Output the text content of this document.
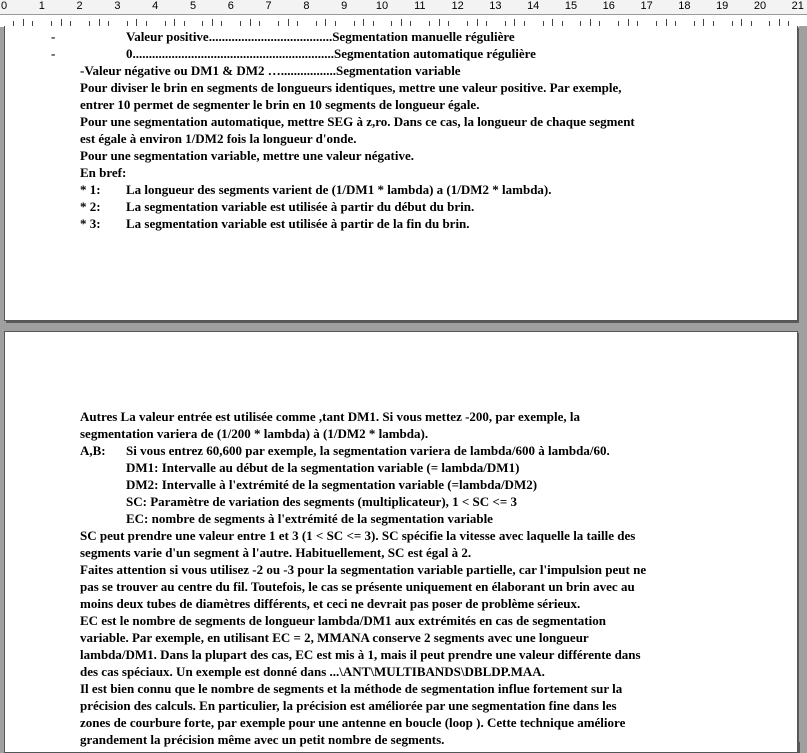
0	1	2	3	4	5	6	7	8	9	10 11 12 13 14 15 16 17 18 19 20 21
-	Valeur positive......................................Segmentation manuelle régulière
-	0..............................................................Segmentation automatique régulière
-Valeur négative ou DM1 & DM2 ….................Segmentation variable
Pour diviser le brin en segments de longueurs identiques, mettre une valeur positive. Par exemple,
entrer 10 permet de segmenter le brin en 10 segments de longueur égale.
Pour une segmentation automatique, mettre SEG à z,ro. Dans ce cas, la longueur de chaque segment
est égale à environ 1/DM2 fois la longueur d'onde.
Pour une segmentation variable, mettre une valeur négative.
En bref:
* 1: La longueur des segments varient de (1/DM1 * lambda) a (1/DM2 * lambda).
* 2: La segmentation variable est utilisée à partir du début du brin.
* 3: La segmentation variable est utilisée à partir de la fin du brin.
Autres La valeur entrée est utilisée comme ,tant DM1. Si vous mettez -200, par exemple, la
segmentation variera de (1/200 * lambda) à (1/DM2 * lambda).
A,B: Si vous entrez 60,600 par exemple, la segmentation variera de lambda/600 à lambda/60.
DM1: Intervalle au début de la segmentation variable (= lambda/DM1)
DM2: Intervalle à l'extrémité de la segmentation variable (=lambda/DM2)
SC: Paramètre de variation des segments (multiplicateur), 1 < SC <= 3
EC: nombre de segments à l'extrémité de la segmentation variable
SC peut prendre une valeur entre 1 et 3 (1 < SC <= 3). SC spécifie la vitesse avec laquelle la taille des
segments varie d'un segment à l'autre. Habituellement, SC est égal à 2.
Faites attention si vous utilisez -2 ou -3 pour la segmentation variable partielle, car l'impulsion peut ne
pas se trouver au centre du fil. Toutefois, le cas se présente uniquement en élaborant un brin avec au
moins deux tubes de diamètres différents, et ceci ne devrait pas poser de problème sérieux.
EC est le nombre de segments de longueur lambda/DM1 aux extrémités en cas de segmentation
variable. Par exemple, en utilisant EC = 2, MMANA conserve 2 segments avec une longueur
lambda/DM1. Dans la plupart des cas, EC est mis à 1, mais il peut prendre une valeur différente dans
des cas spéciaux. Un exemple est donné dans ...\ANT\MULTIBANDS\DBLDP.MAA.
Il est bien connu que le nombre de segments et la méthode de segmentation influe fortement sur la
précision des calculs. En particulier, la précision est améliorée par une segmentation fine dans les
zones de courbure forte, par exemple pour une antenne en boucle (loop ). Cette technique améliore
grandement la précision même avec un petit nombre de segments.
